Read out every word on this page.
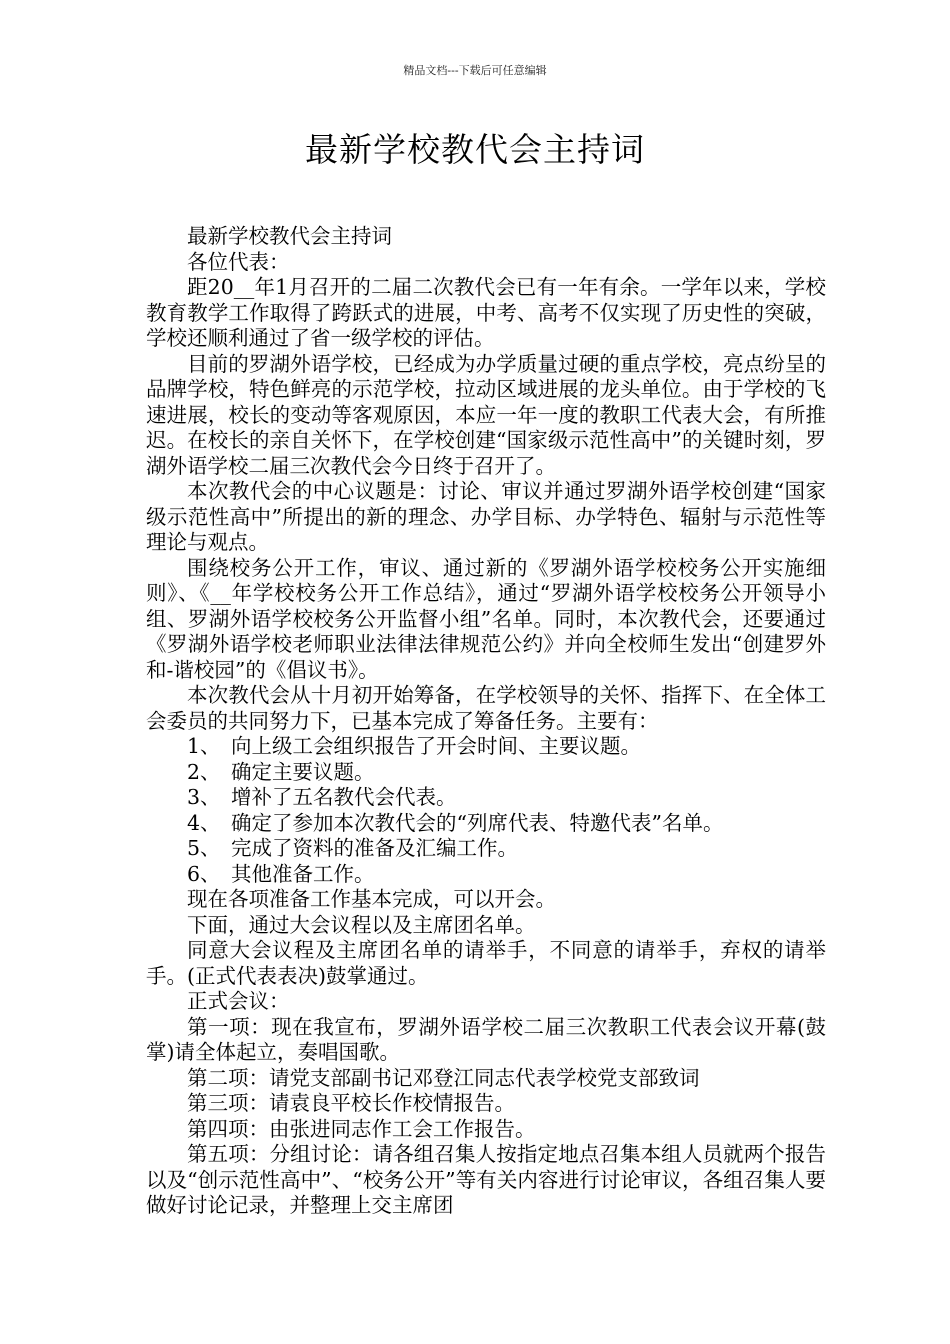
精品文档---下载后可任意编辑
最新学校教代会主持词

最新学校教代会主持词

各位代表：

距20__年1月召开的二届二次教代会已有一年有余。一学年以来，学校教育教学工作取得了跨跃式的进展，中考、高考不仅实现了历史性的突破，学校还顺利通过了省一级学校的评估。

目前的罗湖外语学校，已经成为办学质量过硬的重点学校，亮点纷呈的品牌学校，特色鲜亮的示范学校，拉动区域进展的龙头单位。由于学校的飞速进展，校长的变动等客观原因，本应一年一度的教职工代表大会，有所推迟。在校长的亲自关怀下，在学校创建“国家级示范性高中”的关键时刻，罗湖外语学校二届三次教代会今日终于召开了。

本次教代会的中心议题是：讨论、审议并通过罗湖外语学校创建“国家级示范性高中”所提出的新的理念、办学目标、办学特色、辐射与示范性等理论与观点。

围绕校务公开工作，审议、通过新的《罗湖外语学校校务公开实施细则》、《__年学校校务公开工作总结》，通过“罗湖外语学校校务公开领导小组、罗湖外语学校校务公开监督小组”名单。同时，本次教代会，还要通过《罗湖外语学校老师职业法律法律规范公约》并向全校师生发出“创建罗外和-谐校园”的《倡议书》。

本次教代会从十月初开始筹备，在学校领导的关怀、指挥下、在全体工会委员的共同努力下，已基本完成了筹备任务。主要有：

1、 向上级工会组织报告了开会时间、主要议题。

2、 确定主要议题。

3、 增补了五名教代会代表。

4、 确定了参加本次教代会的“列席代表、特邀代表”名单。

5、 完成了资料的准备及汇编工作。

6、 其他准备工作。

现在各项准备工作基本完成，可以开会。

下面，通过大会议程以及主席团名单。

同意大会议程及主席团名单的请举手，不同意的请举手，弃权的请举手。(正式代表表决)鼓掌通过。

正式会议：

第一项：现在我宣布，罗湖外语学校二届三次教职工代表会议开幕(鼓掌)请全体起立，奏唱国歌。

第二项：请党支部副书记邓登江同志代表学校党支部致词

第三项：请袁良平校长作校情报告。

第四项：由张进同志作工会工作报告。

第五项：分组讨论：请各组召集人按指定地点召集本组人员就两个报告以及“创示范性高中”、“校务公开”等有关内容进行讨论审议，各组召集人要做好讨论记录，并整理上交主席团
